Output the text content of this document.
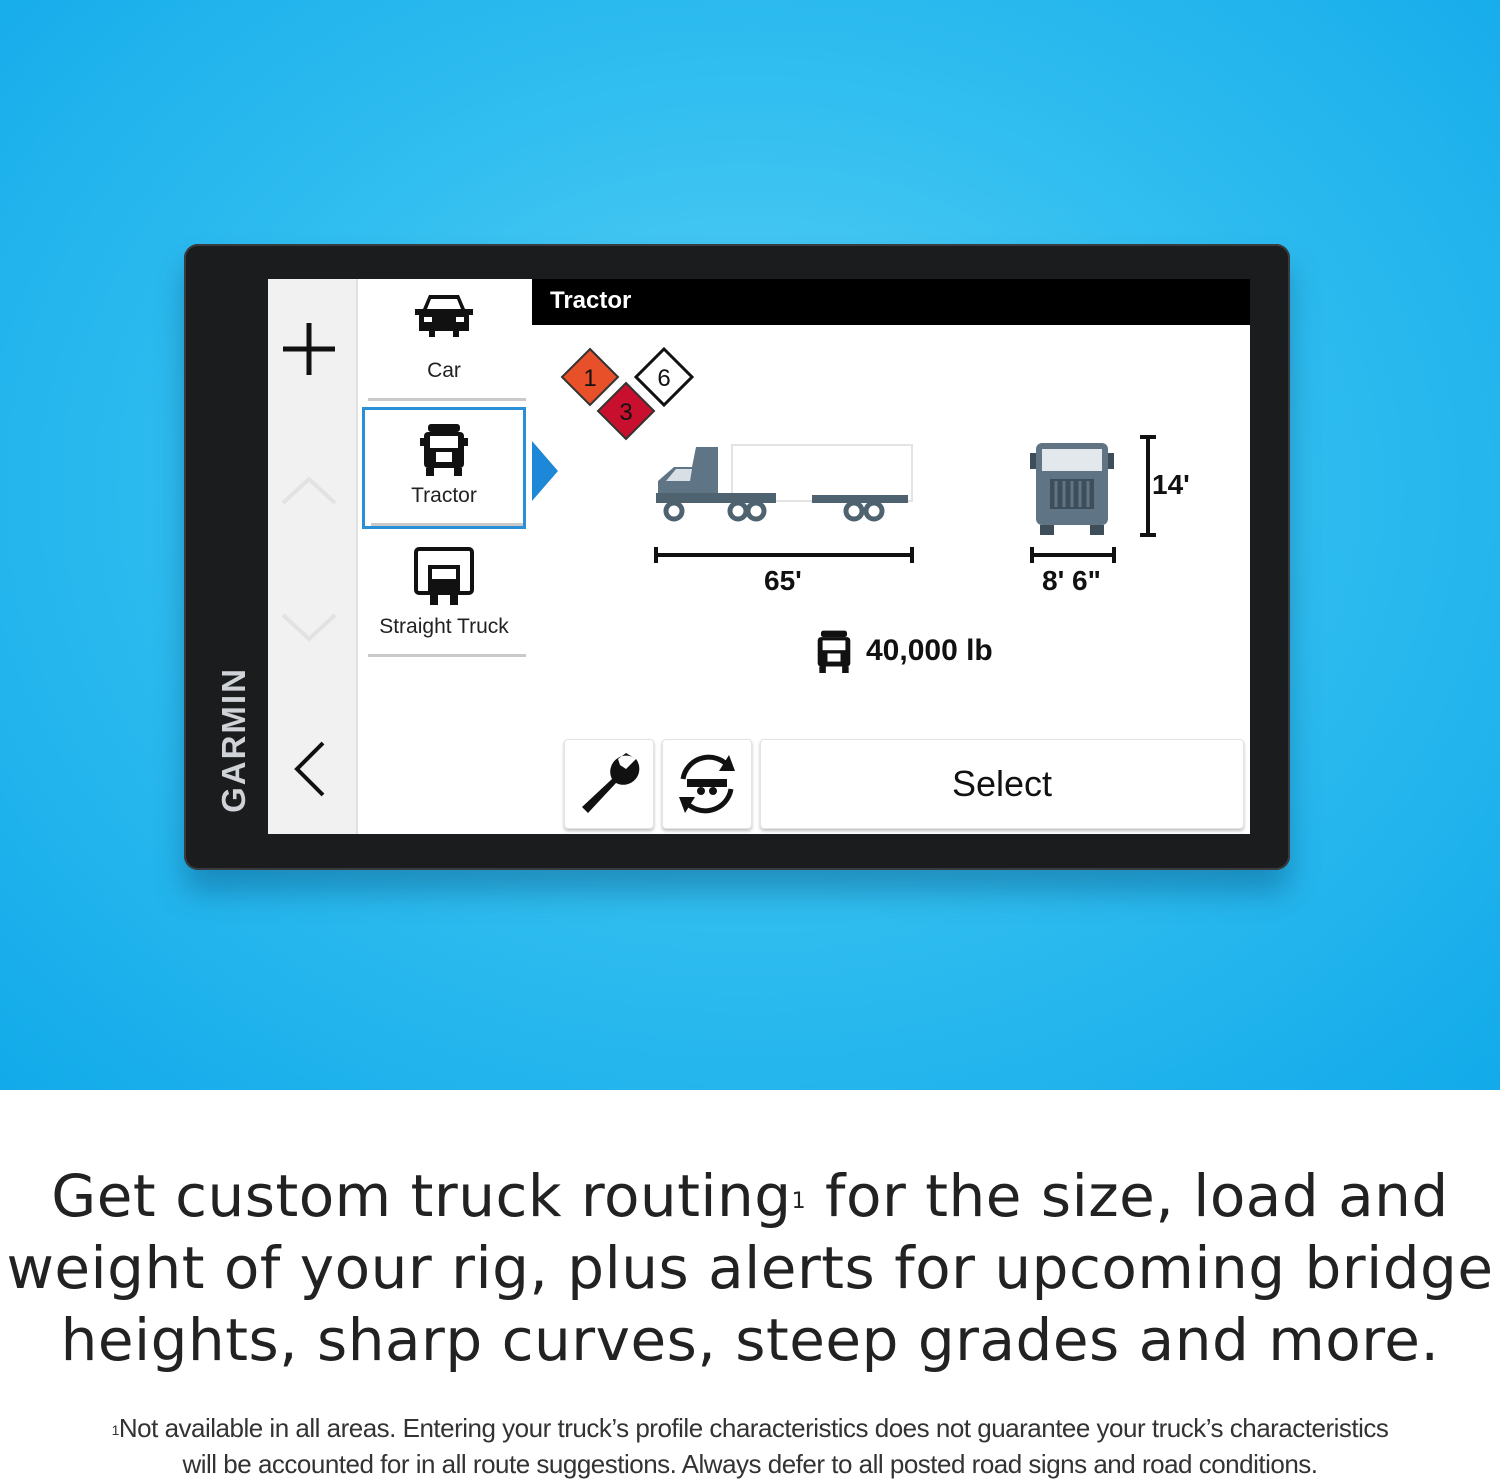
GARMIN
Car
Tractor
Straight Truck
Tractor
1	6
3
65'
14'
8' 6"
40,000 lb
Select
Get custom truck routing$^1$ for the size, load and
weight of your rig, plus alerts for upcoming bridge
heights, sharp curves, steep grades and more.
$^1$Not available in all areas. Entering your truck’s profile characteristics does not guarantee your truck’s characteristics
will be accounted for in all route suggestions. Always defer to all posted road signs and road conditions.
